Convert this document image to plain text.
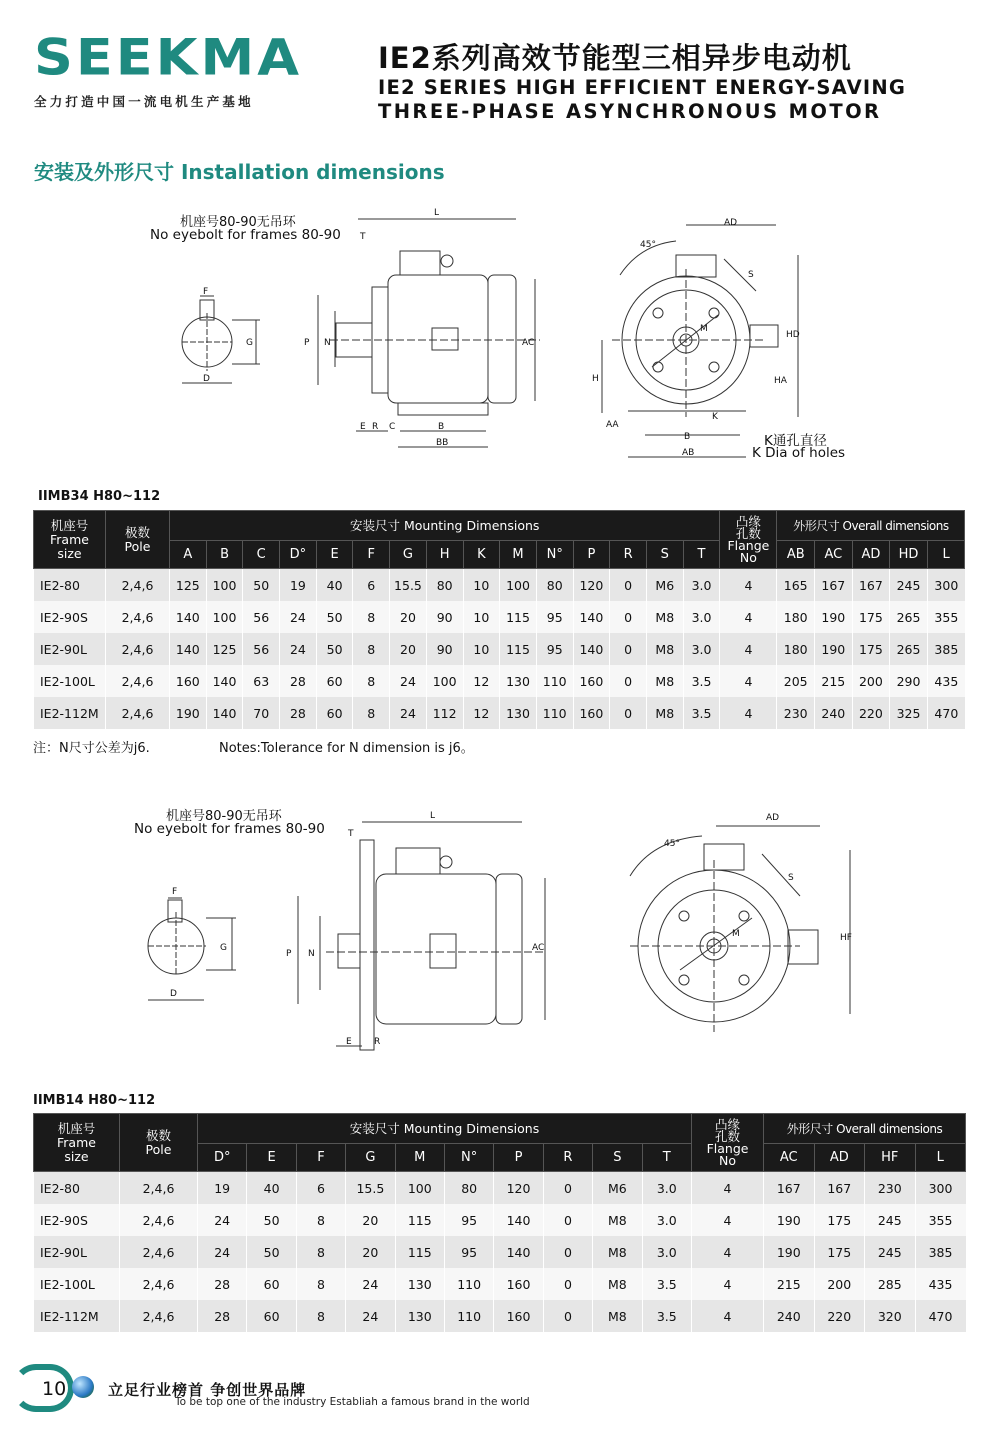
SEEKMA
全力打造中国一流电机生产基地
IE2系列高效节能型三相异步电动机
IE2 SERIES HIGH EFFICIENT ENERGY-SAVING
THREE-PHASE ASYNCHRONOUS MOTOR
安装及外形尺寸 Installation dimensions
F
G
D
L
T
P N	AC
E R C	B
BB
45°
AD
S
M
HD
H	HA
K
AA
B
AB
机座号80-90无吊环
No eyebolt for frames 80-90
K通孔直径
K Dia of holes
IIMB34 H80~112
机座号
Frame
size	极数
Pole	安装尺寸 Mounting Dimensions															凸缘
孔数
Flange
No	外形尺寸 Overall dimensions				
		A	B	C	D°	E	F	G	H	K	M	N°	P	R	S	T		AB	AC	AD	HD	L
IE2-80	2,4,6	125	100	50	19	40	6	15.5	80	10	100	80	120	0	M6	3.0	4	165	167	167	245	300
IE2-90S	2,4,6	140	100	56	24	50	8	20	90	10	115	95	140	0	M8	3.0	4	180	190	175	265	355
IE2-90L	2,4,6	140	125	56	24	50	8	20	90	10	115	95	140	0	M8	3.0	4	180	190	175	265	385
IE2-100L	2,4,6	160	140	63	28	60	8	24	100	12	130	110	160	0	M8	3.5	4	205	215	200	290	435
IE2-112M	2,4,6	190	140	70	28	60	8	24	112	12	130	110	160	0	M8	3.5	4	230	240	220	325	470
注：N尺寸公差为j6.	Notes:Tolerance for N dimension is j6。
F
G
D
L
T
P N
AC
E R
45°
AD
S
M	HF
机座号80-90无吊环
No eyebolt for frames 80-90
IIMB14 H80~112
机座号
Frame
size	极数
Pole	安装尺寸 Mounting Dimensions										凸缘
孔数
Flange
No	外形尺寸 Overall dimensions			
		D°	E	F	G	M	N°	P	R	S	T		AC	AD	HF	L
IE2-80	2,4,6	19	40	6	15.5	100	80	120	0	M6	3.0	4	167	167	230	300
IE2-90S	2,4,6	24	50	8	20	115	95	140	0	M8	3.0	4	190	175	245	355
IE2-90L	2,4,6	24	50	8	20	115	95	140	0	M8	3.0	4	190	175	245	385
IE2-100L	2,4,6	28	60	8	24	130	110	160	0	M8	3.5	4	215	200	285	435
IE2-112M	2,4,6	28	60	8	24	130	110	160	0	M8	3.5	4	240	220	320	470
10	立足行业榜首 争创世界品牌
To be top one of the industry Establiah a famous brand in the world
